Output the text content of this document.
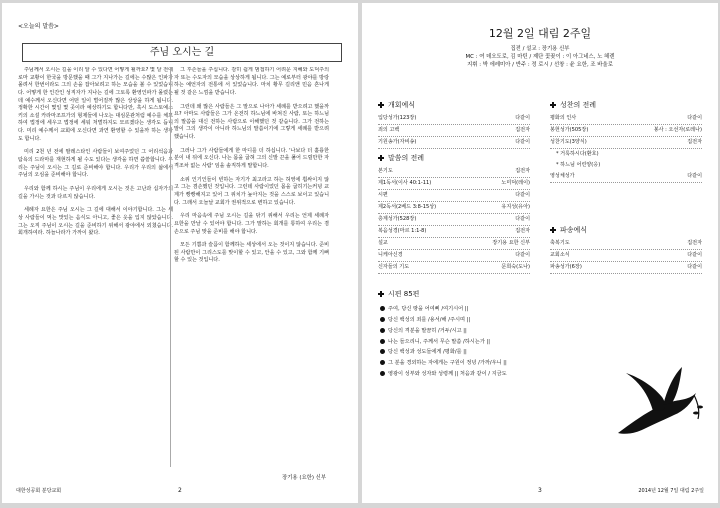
<오늘의 말씀>
주님 오시는 길

주님께서 오시는 길을 이리 알 수 있다면 어떻게 될까요? 몇 달 전에 로마 교황이 한국을 방문했을 때 그가 지나가는 길에는 수많은 인파가 몰려서 한번이라도 그의 손을 잡아보려고 하는 모습을 볼 수 있었습니다. 어떻게 한 인간인 성직자가 지나는 길에 그토록 환영인파가 몰렸는데 예수께서 오신다면 어떤 일이 벌어질까 많은 상상을 하게 됩니다. 정확한 시간이 몇일 몇 곳이라 예상하기도 합니다만, 혹시 도스토예스키의 소설 카라마조프가의 형제들에 나오는 대심문관처럼 예수를 체포하여 법정에 세우고 법정에 세워 처벌하지도 모르겠다는 생각도 듭니다. 미리 예수께서 교회에 오신다면 과연 환영할 수 있을까 하는 생각도 합니다.

미리 2천 년 전에 팔레스타인 사람들이 보여주었던 그 어리석음과 탐욕의 드라마를 재현하게 될 수도 있다는 생각을 하면 씁쓸합니다. 우리는 주님이 오시는 그 길로 준비해야 합니다. 우리가 우리의 삶에서 주님의 오심을 준비해야 합니다.

우리와 함께 하시는 주님이 우리에게 오시는 것은 고난과 십자가의 길을 가시는 것과 다르지 않습니다.

세례자 요한은 주님 오시는 그 길에 대해서 이야기합니다. 그는 세상 사람들이 먹는 맛있는 음식도 아니고, 좋은 옷을 입지 않았습니다. 그는 오직 주님이 오시는 길을 준비하기 위해서 광야에서 외쳤습니다. 회개하여라. 하늘나라가 가까이 왔다.

그 후손들을 주십니다. 감히 쉽게 범접하기 어려운 지혜와 도덕주의자 또는 수도자의 모습을 상상하게 됩니다. 그는 예로부터 광야를 방랑하는 예언자의 전통에 서 있었습니다. 마치 황무 길리앤 민음 흔나게 될 것 같은 느낌을 받습니다.

그런데 왜 많은 사람들은 그 말으로 나아가 세례를 받으려고 했을까요? 아마도 사람들은 그가 온전히 하느님에 바쳐진 사람, 또는 하느님의 말씀을 대신 전하는 사람으로 이해했던 것 같습니다. 그가 전하는 말이 그의 생각이 아니라 하느님의 말씀이기에 그렇게 세례를 받으려 했습니다.

그러나 그가 사람들에게 한 마디를 더 하십니다. '나보다 더 훌륭한 분이 내 뒤에 오신다. 나는 몸을 굽혀 그의 신발 끈을 풀어 드릴만한 자격조차 없는 사람' 임을 솔직하게 말합니다.

소위 인기인들이 빈하는 자기가 최고라고 하는 허영에 휩싸이지 않고 그는 겸손했던 것입니다. 그런데 사람이었던 몸을 굽히기는커녕 교계가 빵빵해지고 있어 그 위치가 높아지는 것을 스스로 보이고 있습니다. 그래서 오늘날 교회가 권위적으로 변하고 있습니다.

우리 마음속에 주님 오시는 길을 닦기 위해서 우리는 언제 세례자 요한을 만날 수 있어야 합니다. 그가 말하는 회개를 통하여 우리는 겸손으로 주님 맞을 준비를 해야 합니다.

모든 기쁨과 슬픔이 함께하는 세상에서 오는 것이지 않습니다. 준비된 사람만이 그리스도를 맞이할 수 있고, 안을 수 있고, 그와 함께 기뻐할 수 있는 것입니다.

장기용 (요한) 신부
대한성공회 분당교회	2
12월 2일 대림 2주일
집전 / 설교 : 장기용 신부
MC : 여 데오도로, 김 마틴 / 제단 꽃꽂이 : 이 아그네스, 노 헤렌
지휘 : 박 에레미아 / 반주 : 정 로시 / 선창 : 윤 요한, 조 바울로
개회예식
입당성가(123장)	다같이
죄의 고백	집전자
기원송가(자비송)	다같이
말씀의 전례
본기도	집전자
제1독서(이사 40:1-11)	노미덕(레이)
시편	다같이
제2독서(2베드 3:8-15상)	유지성(유아)
층계성가(528장)	다같이
복음성경(마르 1:1-8)	집전자
설교	장기용 요한 신부
니케아신경	다같이
신자들의 기도	문희숙(도나)
성찬의 전례
평화의 인사	다같이
봉헌성가(505장)	봉사 : 오선자(로레나)
성찬기도(3양식)	집전자
* 거룩하시다(환호)
* 하느님 어린양(응)
영성체성가	다같이
파송예식
축복기도	집전자
교회소식	다같이
파송성가(6장)	다같이
시편 85편
주여, 당신 땅을 어여삐 /여기시어 ||
당신 백성의 죄를 /용서/해 /주시며 ||
당신의 격분을 말끔히 /거두/시고 ||
나는 들으리니, 주께서 무슨 말씀 /하시는가 ||
당신 백성과 성도들에게 /평화/를 ||
그 분을 경외하는 자에게는 구원이 정녕 /가까/우니 ||
영광이 성부와 성자와 성령께 || 처음과 같이 / 지금도
3	2014년 12월 7일 대림 2주일
